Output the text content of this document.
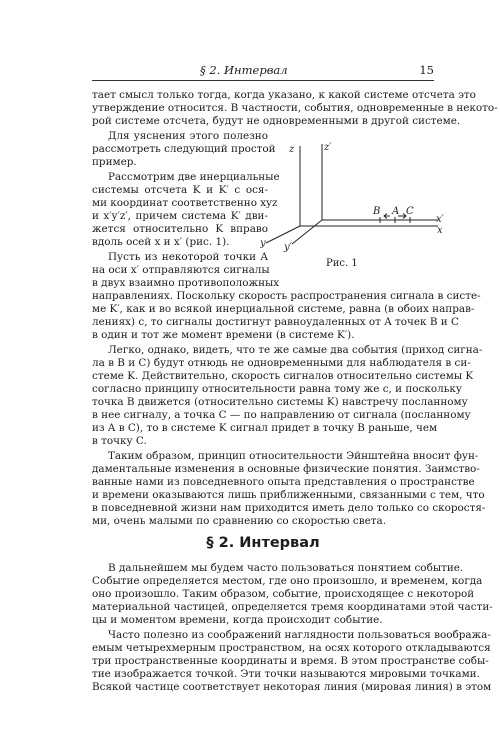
§ 2. Интервал	15
тает смысл только тогда, когда указано, к какой системе отсчета это
утверждение относится. В частности, события, одновременные в некото-
рой системе отсчета, будут не одновременными в другой системе.
Для уяснения этого полезно
рассмотреть следующий простой
пример.
Рассмотрим две инерциальные
системы отсчета K и K′ с ося-
ми координат соответственно xyz
и x′y′z′, причем система K′ дви-
жется относительно K вправо
вдоль осей x и x′ (рис. 1).
Пусть из некоторой точки A
на оси x′ отправляются сигналы
в двух взаимно противоположных
z	z′
y y′
x′
x
B A C
Рис. 1
направлениях. Поскольку скорость распространения сигнала в систе-
ме K′, как и во всякой инерциальной системе, равна (в обоих направ-
лениях) c, то сигналы достигнут равноудаленных от A точек B и C
в один и тот же момент времени (в системе K′).
Легко, однако, видеть, что те же самые два события (приход сигна-
ла в B и C) будут отнюдь не одновременными для наблюдателя в си-
стеме K. Действительно, скорость сигналов относительно системы K
согласно принципу относительности равна тому же c, и поскольку
точка B движется (относительно системы K) навстречу посланному
в нее сигналу, а точка C — по направлению от сигнала (посланному
из A в C), то в системе K сигнал придет в точку B раньше, чем
в точку C.
Таким образом, принцип относительности Эйнштейна вносит фун-
даментальные изменения в основные физические понятия. Заимство-
ванные нами из повседневного опыта представления о пространстве
и времени оказываются лишь приближенными, связанными с тем, что
в повседневной жизни нам приходится иметь дело только со скоростя-
ми, очень малыми по сравнению со скоростью света.
§ 2. Интервал
В дальнейшем мы будем часто пользоваться понятием событие.
Событие определяется местом, где оно произошло, и временем, когда
оно произошло. Таким образом, событие, происходящее с некоторой
материальной частицей, определяется тремя координатами этой части-
цы и моментом времени, когда происходит событие.
Часто полезно из соображений наглядности пользоваться вообража-
емым четырехмерным пространством, на осях которого откладываются
три пространственные координаты и время. В этом пространстве собы-
тие изображается точкой. Эти точки называются мировыми точками.
Всякой частице соответствует некоторая линия (мировая линия) в этом
